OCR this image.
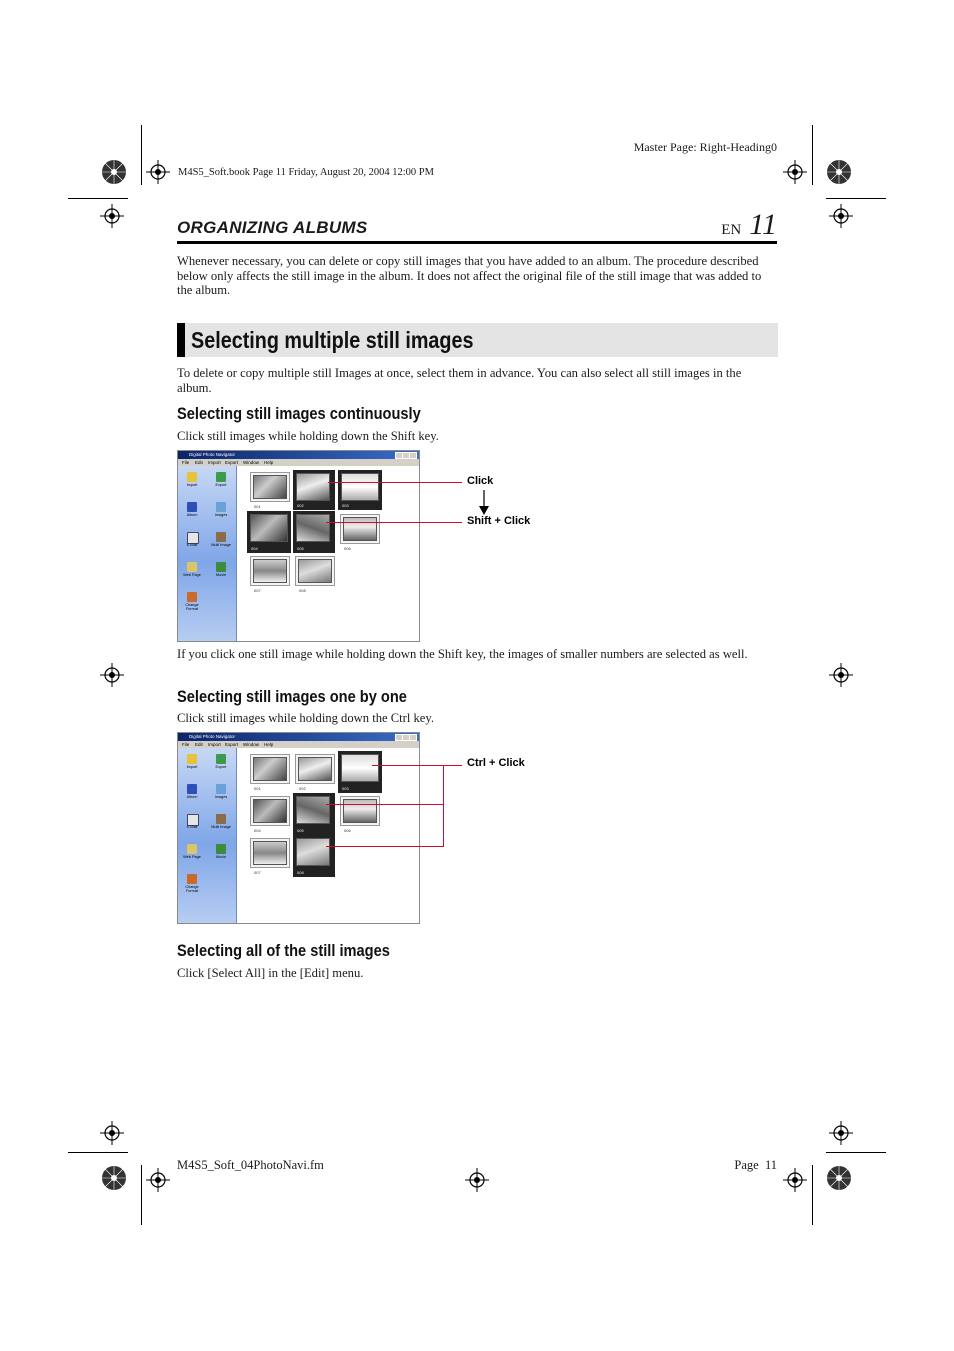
Master Page: Right-Heading0
M4S5_Soft.book Page 11 Friday, August 20, 2004 12:00 PM
ORGANIZING ALBUMS	EN 11
Whenever necessary, you can delete or copy still images that you have added to an album. The procedure described below only affects the still image in the album. It does not affect the original file of the still image that was added to the album.
Selecting multiple still images
To delete or copy multiple still Images at once, select them in advance. You can also select all still images in the album.
Selecting still images continuously
Click still images while holding down the Shift key.
Digital Photo Navigator
File Edit Import Export Window Help
Import	Export
Album	Images
E-Mail	Multi Image
Web Page	Movie
Change Format
001	002	003
004	005	006
007	008
Click
Shift + Click
If you click one still image while holding down the Shift key, the images of smaller numbers are selected as well.
Selecting still images one by one
Click still images while holding down the Ctrl key.
Digital Photo Navigator
File Edit Import Export Window Help
Import	Export
Album	Images
E-Mail	Multi Image
Web Page	Movie
Change Format
001	002	003
004	005	006
007	008
Ctrl + Click
Selecting all of the still images
Click [Select All] in the [Edit] menu.
M4S5_Soft_04PhotoNavi.fm	Page  11
